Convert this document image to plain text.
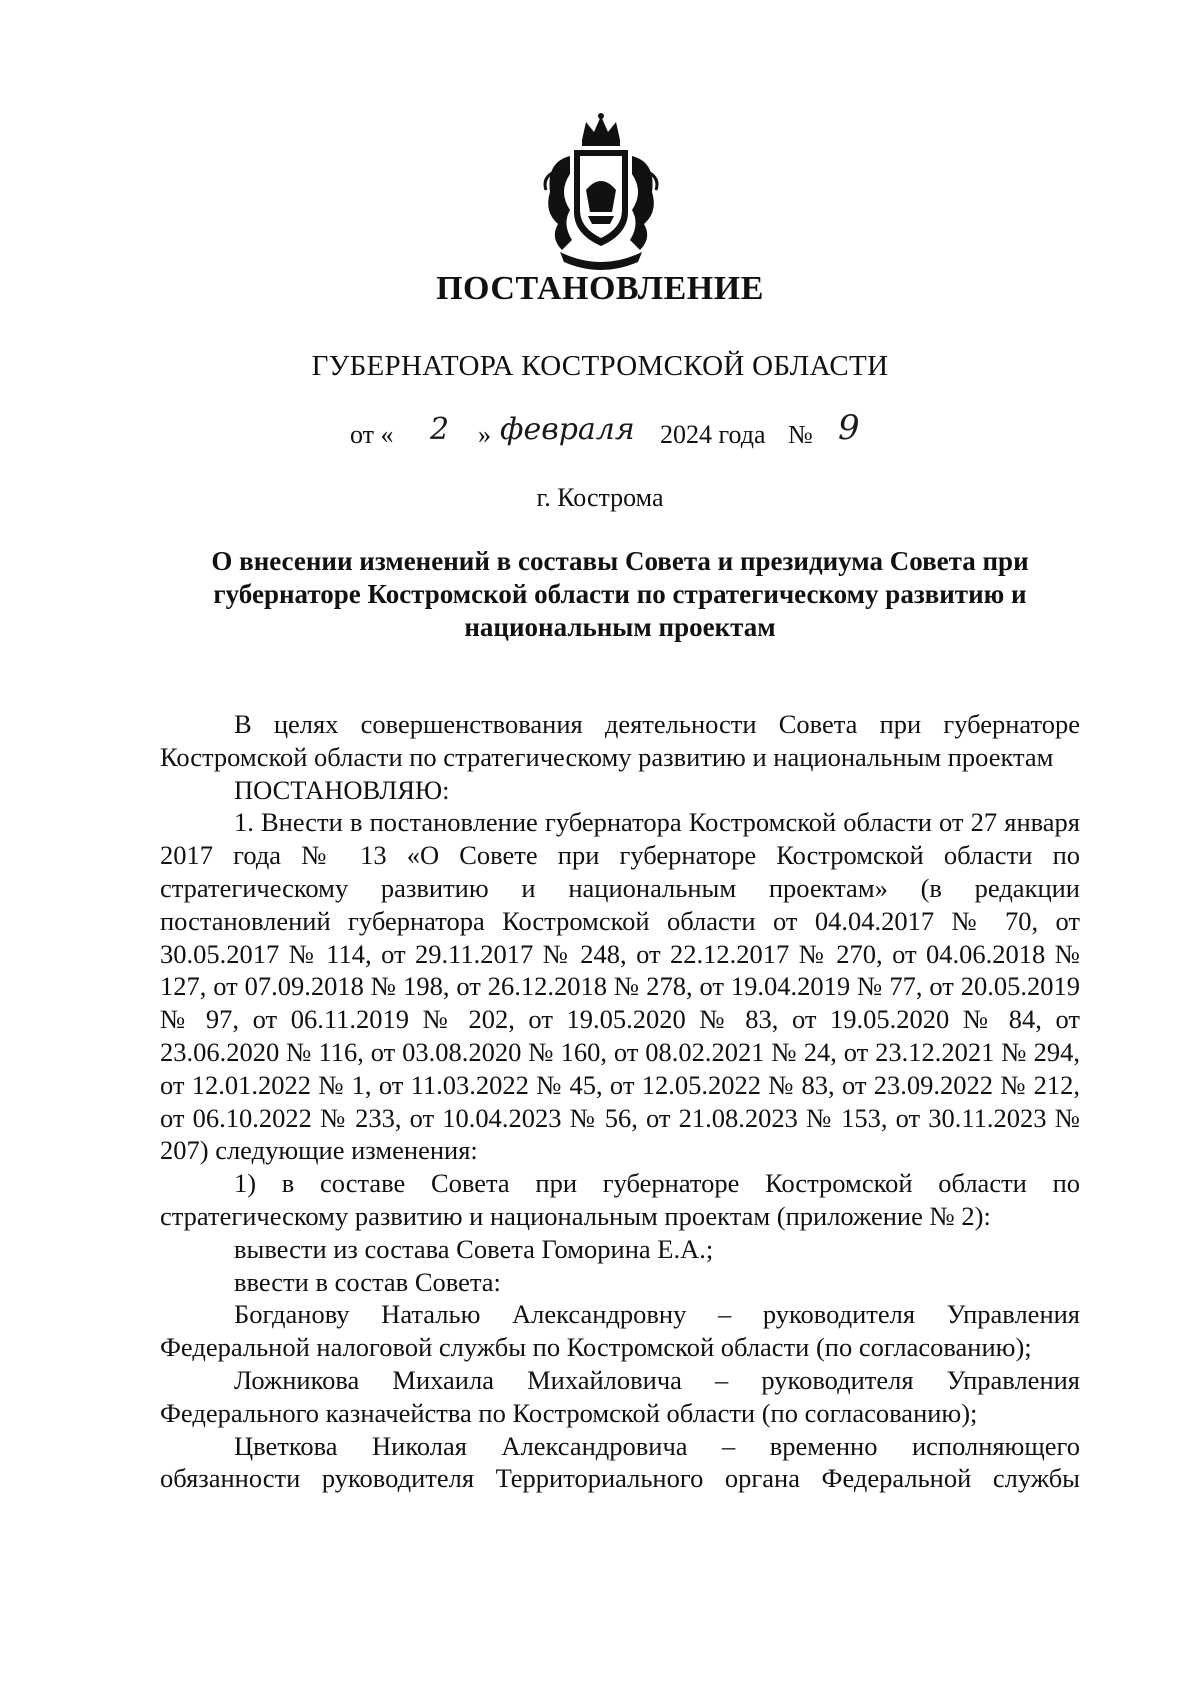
ПОСТАНОВЛЕНИЕ
ГУБЕРНАТОРА КОСТРОМСКОЙ ОБЛАСТИ
от « 2 » февраля 2024 года № 9
г. Кострома
О внесении изменений в составы Совета и президиума Совета при губернаторе Костромской области по стратегическому развитию и национальным проектам

В целях совершенствования деятельности Совета при губернаторе Костромской области по стратегическому развитию и национальным проектам

ПОСТАНОВЛЯЮ:

1. Внести в постановление губернатора Костромской области от 27 января 2017 года № 13 «О Совете при губернаторе Костромской области по стратегическому развитию и национальным проектам» (в редакции постановлений губернатора Костромской области от 04.04.2017 № 70, от 30.05.2017 № 114, от 29.11.2017 № 248, от 22.12.2017 № 270, от 04.06.2018 № 127, от 07.09.2018 № 198, от 26.12.2018 № 278, от 19.04.2019 № 77, от 20.05.2019 № 97, от 06.11.2019 № 202, от 19.05.2020 № 83, от 19.05.2020 № 84, от 23.06.2020 № 116, от 03.08.2020 № 160, от 08.02.2021 № 24, от 23.12.2021 № 294, от 12.01.2022 № 1, от 11.03.2022 № 45, от 12.05.2022 № 83, от 23.09.2022 № 212, от 06.10.2022 № 233, от 10.04.2023 № 56, от 21.08.2023 № 153, от 30.11.2023 № 207) следующие изменения:

1) в составе Совета при губернаторе Костромской области по стратегическому развитию и национальным проектам (приложение № 2):

вывести из состава Совета Гоморина Е.А.;

ввести в состав Совета:

Богданову Наталью Александровну – руководителя Управления Федеральной налоговой службы по Костромской области (по согласованию);

Ложникова Михаила Михайловича – руководителя Управления Федерального казначейства по Костромской области (по согласованию);

Цветкова Николая Александровича – временно исполняющего обязанности руководителя Территориального органа Федеральной службы
